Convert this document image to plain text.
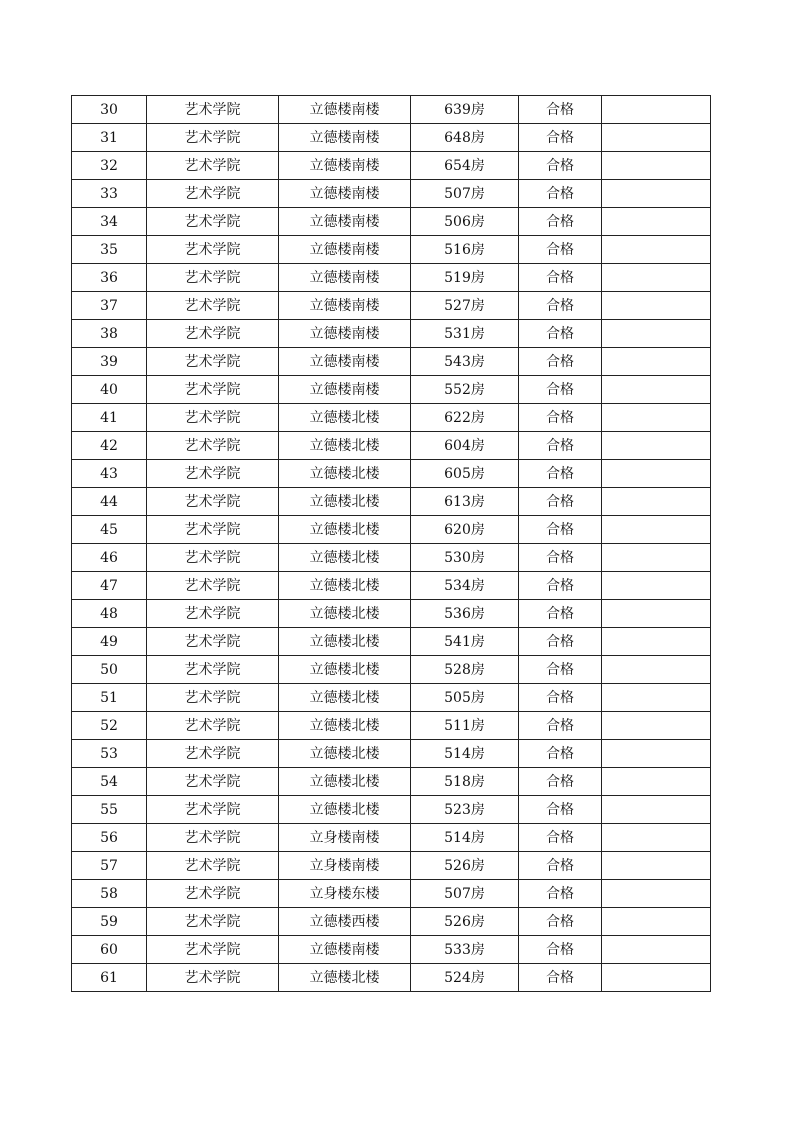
30	艺术学院	立德楼南楼	639房	合格	
31	艺术学院	立德楼南楼	648房	合格	
32	艺术学院	立德楼南楼	654房	合格	
33	艺术学院	立德楼南楼	507房	合格	
34	艺术学院	立德楼南楼	506房	合格	
35	艺术学院	立德楼南楼	516房	合格	
36	艺术学院	立德楼南楼	519房	合格	
37	艺术学院	立德楼南楼	527房	合格	
38	艺术学院	立德楼南楼	531房	合格	
39	艺术学院	立德楼南楼	543房	合格	
40	艺术学院	立德楼南楼	552房	合格	
41	艺术学院	立德楼北楼	622房	合格	
42	艺术学院	立德楼北楼	604房	合格	
43	艺术学院	立德楼北楼	605房	合格	
44	艺术学院	立德楼北楼	613房	合格	
45	艺术学院	立德楼北楼	620房	合格	
46	艺术学院	立德楼北楼	530房	合格	
47	艺术学院	立德楼北楼	534房	合格	
48	艺术学院	立德楼北楼	536房	合格	
49	艺术学院	立德楼北楼	541房	合格	
50	艺术学院	立德楼北楼	528房	合格	
51	艺术学院	立德楼北楼	505房	合格	
52	艺术学院	立德楼北楼	511房	合格	
53	艺术学院	立德楼北楼	514房	合格	
54	艺术学院	立德楼北楼	518房	合格	
55	艺术学院	立德楼北楼	523房	合格	
56	艺术学院	立身楼南楼	514房	合格	
57	艺术学院	立身楼南楼	526房	合格	
58	艺术学院	立身楼东楼	507房	合格	
59	艺术学院	立德楼西楼	526房	合格	
60	艺术学院	立德楼南楼	533房	合格	
61	艺术学院	立德楼北楼	524房	合格	
